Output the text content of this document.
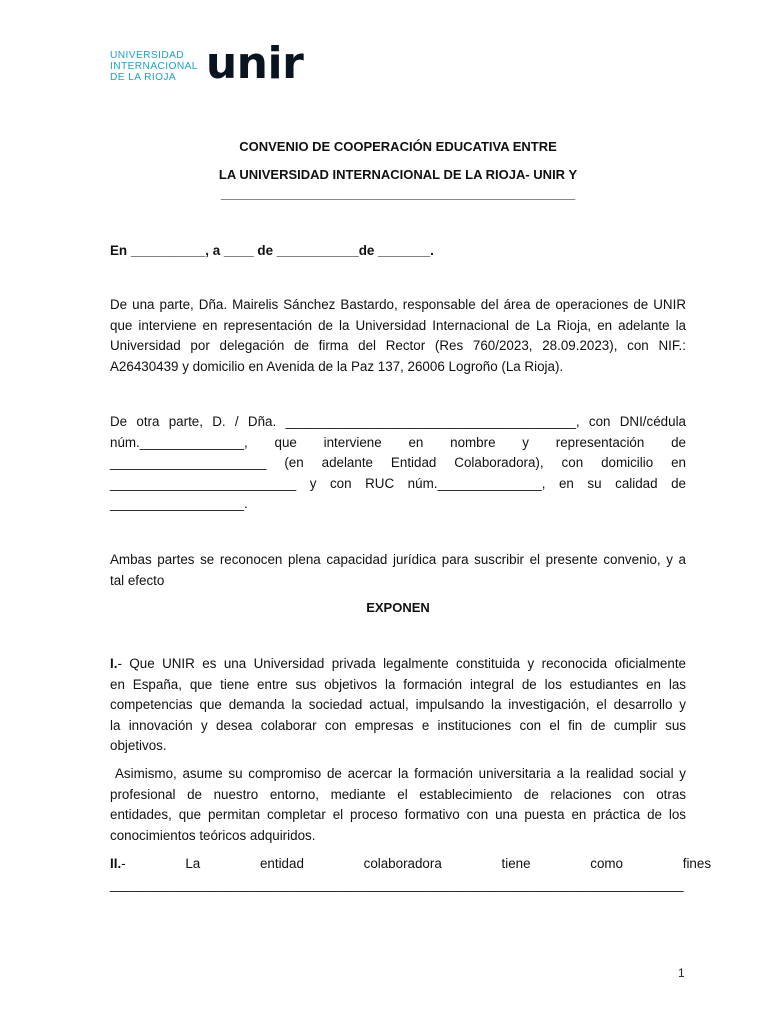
UNIVERSIDAD
INTERNACIONAL
DE LA RIOJA unir
CONVENIO DE COOPERACIÓN EDUCATIVA ENTRE
LA UNIVERSIDAD INTERNACIONAL DE LA RIOJA- UNIR Y
_________________________________________________
En __________, a ____ de ___________de _______.
De una parte, Dña. Mairelis Sánchez Bastardo, responsable del área de operaciones de UNIR
que interviene en representación de la Universidad Internacional de La Rioja, en adelante la
Universidad por delegación de firma del Rector (Res 760/2023, 28.09.2023), con NIF.:
A26430439 y domicilio en Avenida de la Paz 137, 26006 Logroño (La Rioja).
De otra parte, D. / Dña. _______________________________________, con DNI/cédula
núm.______________, que interviene en nombre y representación de
_____________________ (en adelante Entidad Colaboradora), con domicilio en
_________________________ y con RUC núm.______________, en su calidad de
__________________.
Ambas partes se reconocen plena capacidad jurídica para suscribir el presente convenio, y a
tal efecto
EXPONEN
I.- Que UNIR es una Universidad privada legalmente constituida y reconocida oficialmente
en España, que tiene entre sus objetivos la formación integral de los estudiantes en las
competencias que demanda la sociedad actual, impulsando la investigación, el desarrollo y
la innovación y desea colaborar con empresas e instituciones con el fin de cumplir sus
objetivos.
Asimismo, asume su compromiso de acercar la formación universitaria a la realidad social y
profesional de nuestro entorno, mediante el establecimiento de relaciones con otras
entidades, que permitan completar el proceso formativo con una puesta en práctica de los
conocimientos teóricos adquiridos.
II.- La entidad colaboradora tiene como fines
_____________________________________________________________________________
1
